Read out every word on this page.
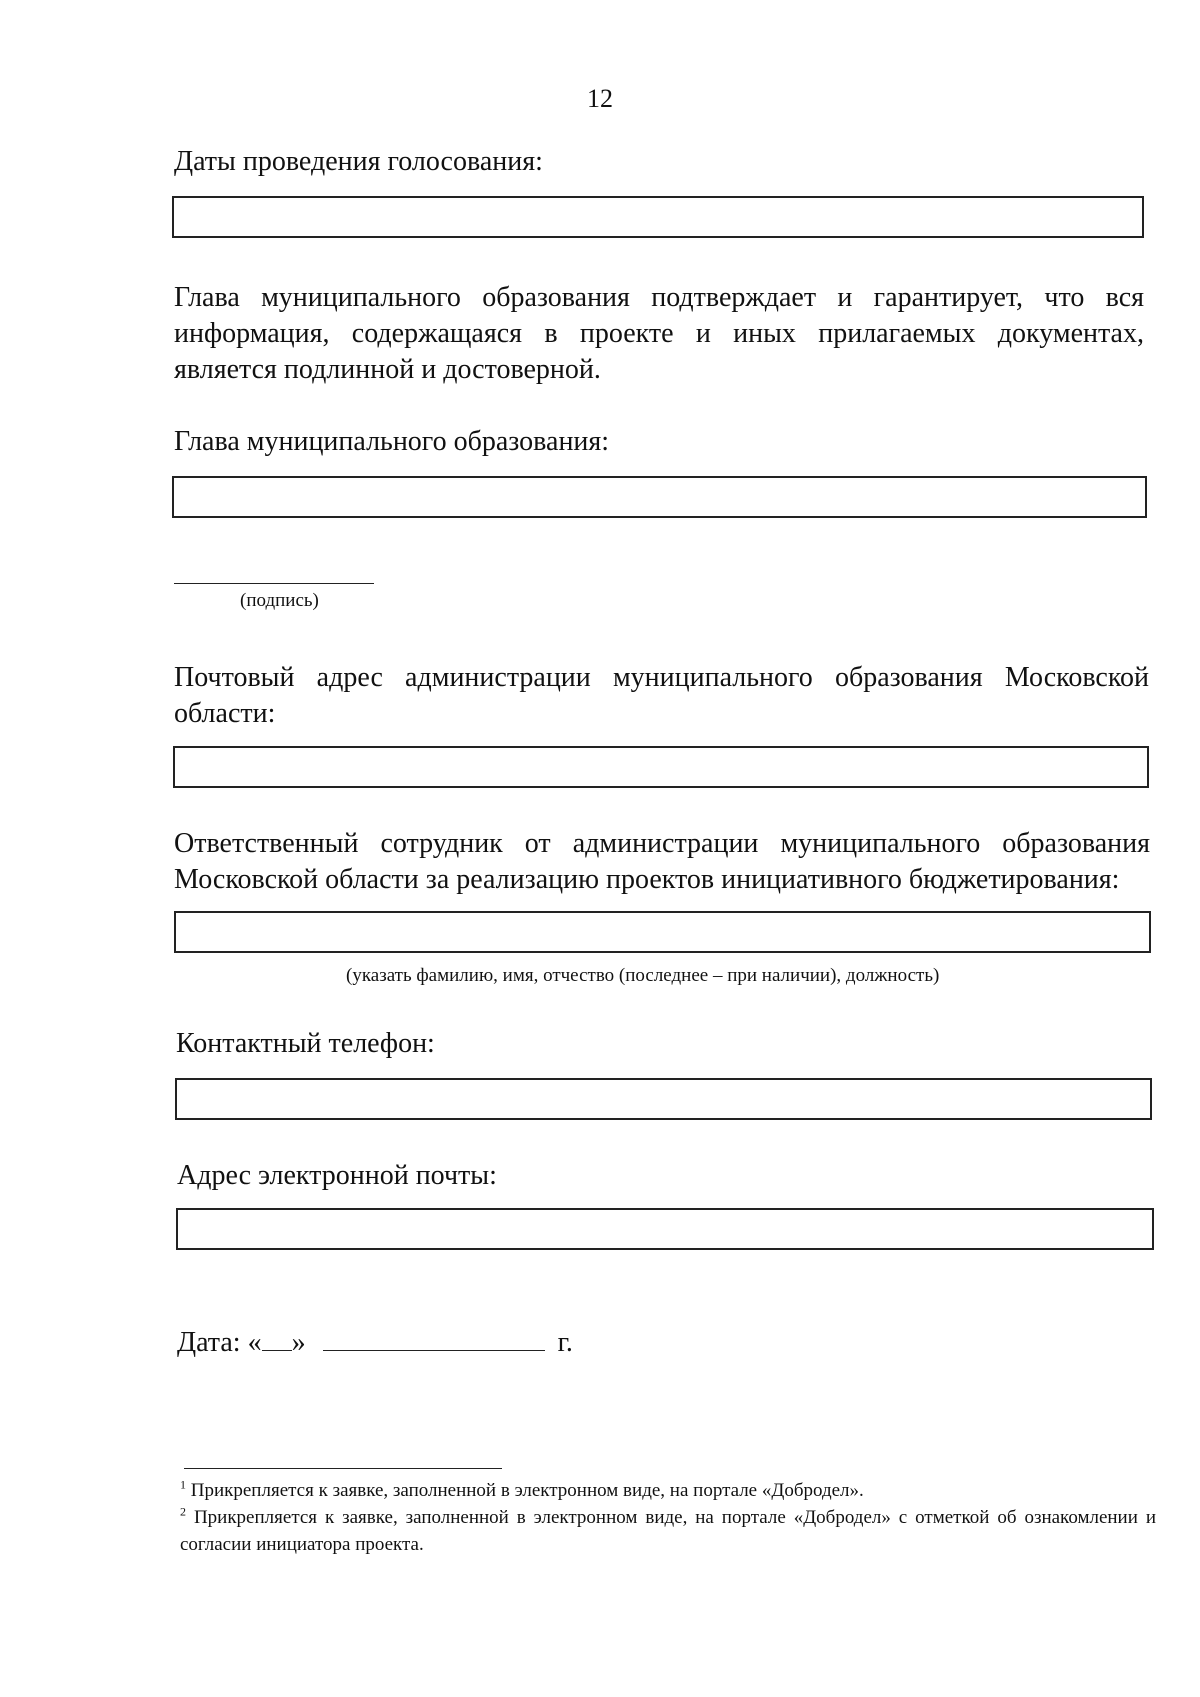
12
Даты проведения голосования:
Глава муниципального образования подтверждает и гарантирует, что вся информация, содержащаяся в проекте и иных прилагаемых документах, является подлинной и достоверной.
Глава муниципального образования:
(подпись)
Почтовый адрес администрации муниципального образования Московской области:
Ответственный сотрудник от администрации муниципального образования Московской области за реализацию проектов инициативного бюджетирования:
(указать фамилию, имя, отчество (последнее – при наличии), должность)
Контактный телефон:
Адрес электронной почты:
Дата: « »	г.
$^1$ Прикрепляется к заявке, заполненной в электронном виде, на портале «Добродел».
$^2$ Прикрепляется к заявке, заполненной в электронном виде, на портале «Добродел» с отметкой об ознакомлении и согласии инициатора проекта.
